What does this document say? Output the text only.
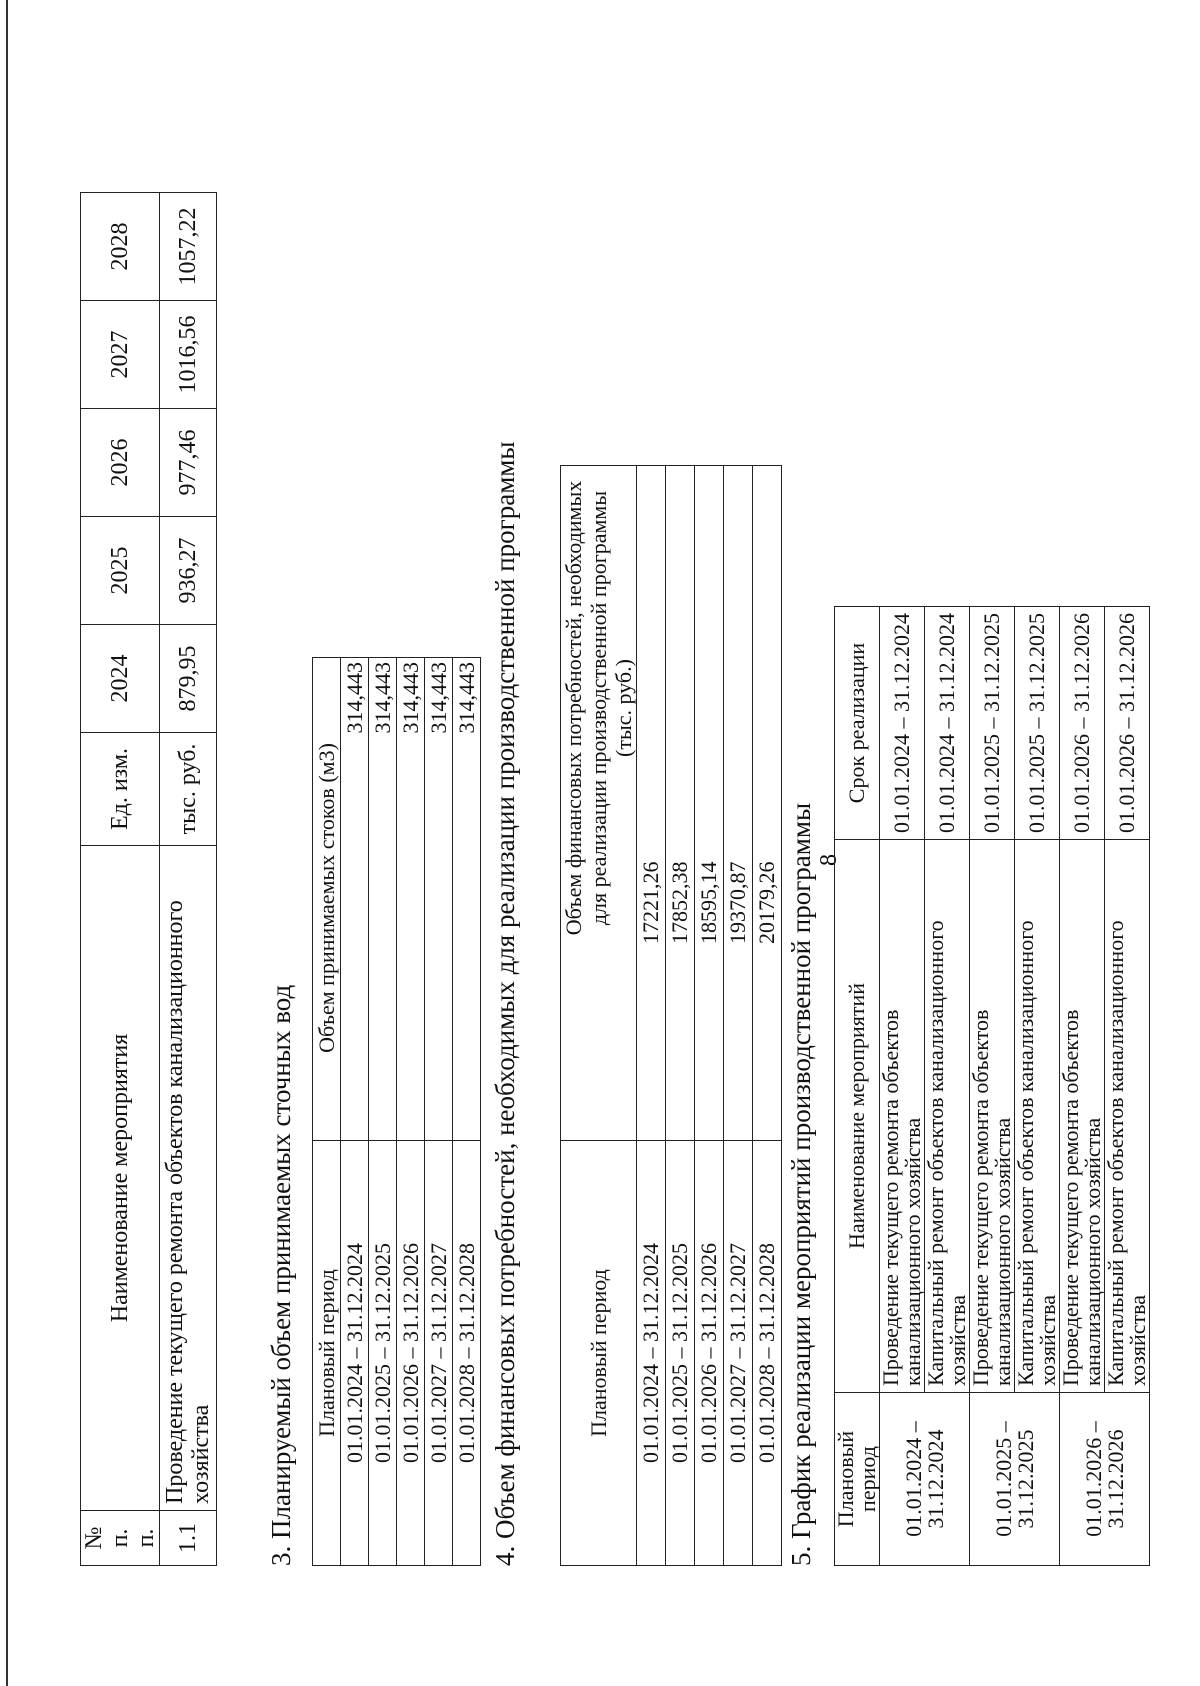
8
№ п. п.	Наименование мероприятия	Ед. изм.	2024	2025	2026	2027	2028
1.1	Проведение текущего ремонта объектов канализационного хозяйства	тыс. руб.	879,95	936,27	977,46	1016,56	1057,22
3. Планируемый объем принимаемых сточных вод Плановый период	Объем принимаемых стоков (м3)
01.01.2024 – 31.12.2024	314,443
01.01.2025 – 31.12.2025	314,443
01.01.2026 – 31.12.2026	314,443
01.01.2027 – 31.12.2027	314,443
01.01.2028 – 31.12.2028	314,443 4. Объем финансовых потребностей, необходимых для реализации производственной программы	Плановый период	Объем финансовых потребностей, необходимых для реализации производственной программы (тыс. руб.)
01.01.2024 – 31.12.2024	17221,26
01.01.2025 – 31.12.2025	17852,38
01.01.2026 – 31.12.2026	18595,14
01.01.2027 – 31.12.2027	19370,87
01.01.2028 – 31.12.2028	20179,26 5. График реализации мероприятий производственной программы Плановый период	Наименование мероприятий	Срок реализации
01.01.2024 – 31.12.2024	Проведение текущего ремонта объектов канализационного хозяйства	01.01.2024 – 31.12.2024
	Капитальный ремонт объектов канализационного хозяйства	01.01.2024 – 31.12.2024
01.01.2025 – 31.12.2025	Проведение текущего ремонта объектов канализационного хозяйства	01.01.2025 – 31.12.2025
	Капитальный ремонт объектов канализационного хозяйства	01.01.2025 – 31.12.2025
01.01.2026 – 31.12.2026	Проведение текущего ремонта объектов канализационного хозяйства	01.01.2026 – 31.12.2026
	Капитальный ремонт объектов канализационного хозяйства	01.01.2026 – 31.12.2026
